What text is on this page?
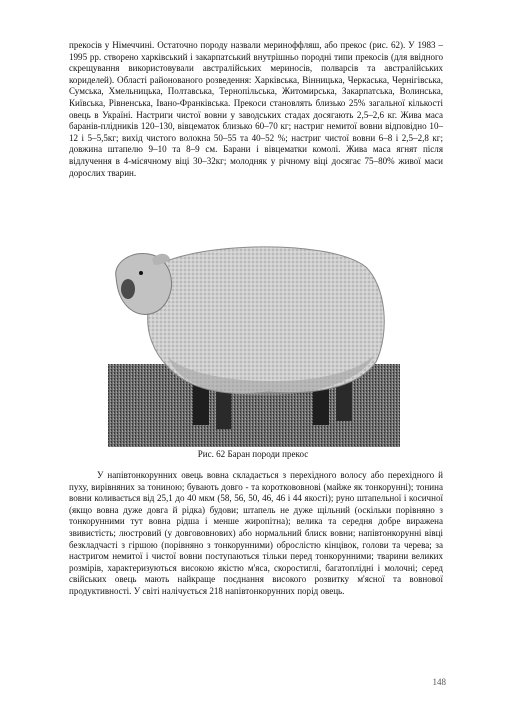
прекосів у Німеччині. Остаточно породу назвали мериноффляш, або прекос (рис. 62). У 1983 – 1995 рр. створено харківський і закарпатський внутрішньо породні типи прекосів (для ввідного скрещування використовували австралійських мериносів, полварсів та австралійських кориделей). Області районованого розведення: Харківська, Вінницька, Черкаська, Чернігівська, Сумська, Хмельницька, Полтавська, Тернопільська, Житомирська, Закарпатська, Волинська, Київська, Рівненська, Івано-Франківська. Прекоси становлять близько 25% загальної кількості овець в Україні. Настриги чистої вовни у заводських стадах досягають 2,5–2,6 кг. Жива маса баранів-плідників 120–130, вівцематок близько 60–70 кг; настриг немитої вовни відповідно 10–12 і 5–5,5кг; вихід чистого волокна 50–55 та 40–52 %; настриг чистої вовни 6–8 і 2,5–2,8 кг; довжина штапелю 9–10 та 8–9 см. Барани і вівцематки комолі. Жива маса ягнят після відлучення в 4-місячному віці 30–32кг; молодняк у річному віці досягає 75–80% живої маси дорослих тварин.

Рис. 62 Баран породи прекос

У напівтонкорунних овець вовна складається з перехідного волосу або перехідного й пуху, вирівняних за тониною; бувають довго - та короткововнові (майже як тонкорунні); тонина вовни коливається від 25,1 до 40 мкм (58, 56, 50, 46, 46 і 44 якості); руно штапельної і косичної (якщо вовна дуже довга й рідка) будови; штапель не дуже щільний (оскільки порівняно з тонкорунними тут вовна рідша і менше жиропітна); велика та середня добре виражена звивистість; люстровий (у довгововнових) або нормальний блиск вовни; напівтонкорунні вівці безкладчасті з гіршою (порівняно з тонкорунними) оброслістю кінцівок, голови та черева; за настригом немитої і чистої вовни поступаються тільки перед тонкорунними; тварини великих розмірів, характеризуються високою якістю м'яса, скоростиглі, багатоплідні і молочні; серед свійських овець мають найкраще поєднання високого розвитку м'ясної та вовнової продуктивності. У світі налічується 218 напівтонкорунних порід овець.

148
